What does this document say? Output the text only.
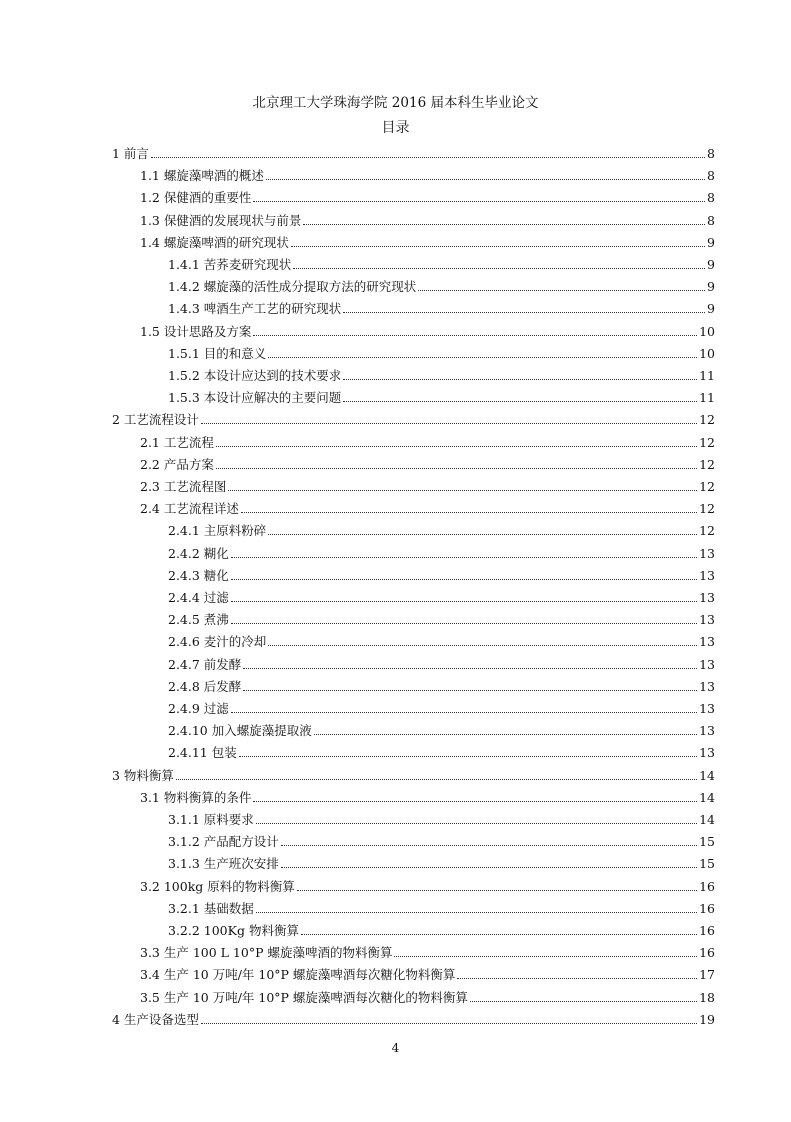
北京理工大学珠海学院 2016 届本科生毕业论文
目录
1 前言	8
1.1 螺旋藻啤酒的概述	8
1.2 保健酒的重要性	8
1.3 保健酒的发展现状与前景	8
1.4 螺旋藻啤酒的研究现状	9
1.4.1 苦荞麦研究现状	9
1.4.2 螺旋藻的活性成分提取方法的研究现状	9
1.4.3 啤酒生产工艺的研究现状	9
1.5 设计思路及方案	10
1.5.1 目的和意义	10
1.5.2 本设计应达到的技术要求	11
1.5.3 本设计应解决的主要问题	11
2 工艺流程设计	12
2.1 工艺流程	12
2.2 产品方案	12
2.3 工艺流程图	12
2.4 工艺流程详述	12
2.4.1 主原料粉碎	12
2.4.2 糊化	13
2.4.3 糖化	13
2.4.4 过滤	13
2.4.5 煮沸	13
2.4.6 麦汁的冷却	13
2.4.7 前发酵	13
2.4.8 后发酵	13
2.4.9 过滤	13
2.4.10 加入螺旋藻提取液	13
2.4.11 包装	13
3 物料衡算	14
3.1 物料衡算的条件	14
3.1.1 原料要求	14
3.1.2 产品配方设计	15
3.1.3 生产班次安排	15
3.2 100kg 原料的物料衡算	16
3.2.1 基础数据	16
3.2.2 100Kg 物料衡算	16
3.3 生产 100 L 10°P 螺旋藻啤酒的物料衡算	16
3.4 生产 10 万吨/年 10°P 螺旋藻啤酒每次糖化物料衡算	17
3.5 生产 10 万吨/年 10°P 螺旋藻啤酒每次糖化的物料衡算	18
4 生产设备选型	19
4
